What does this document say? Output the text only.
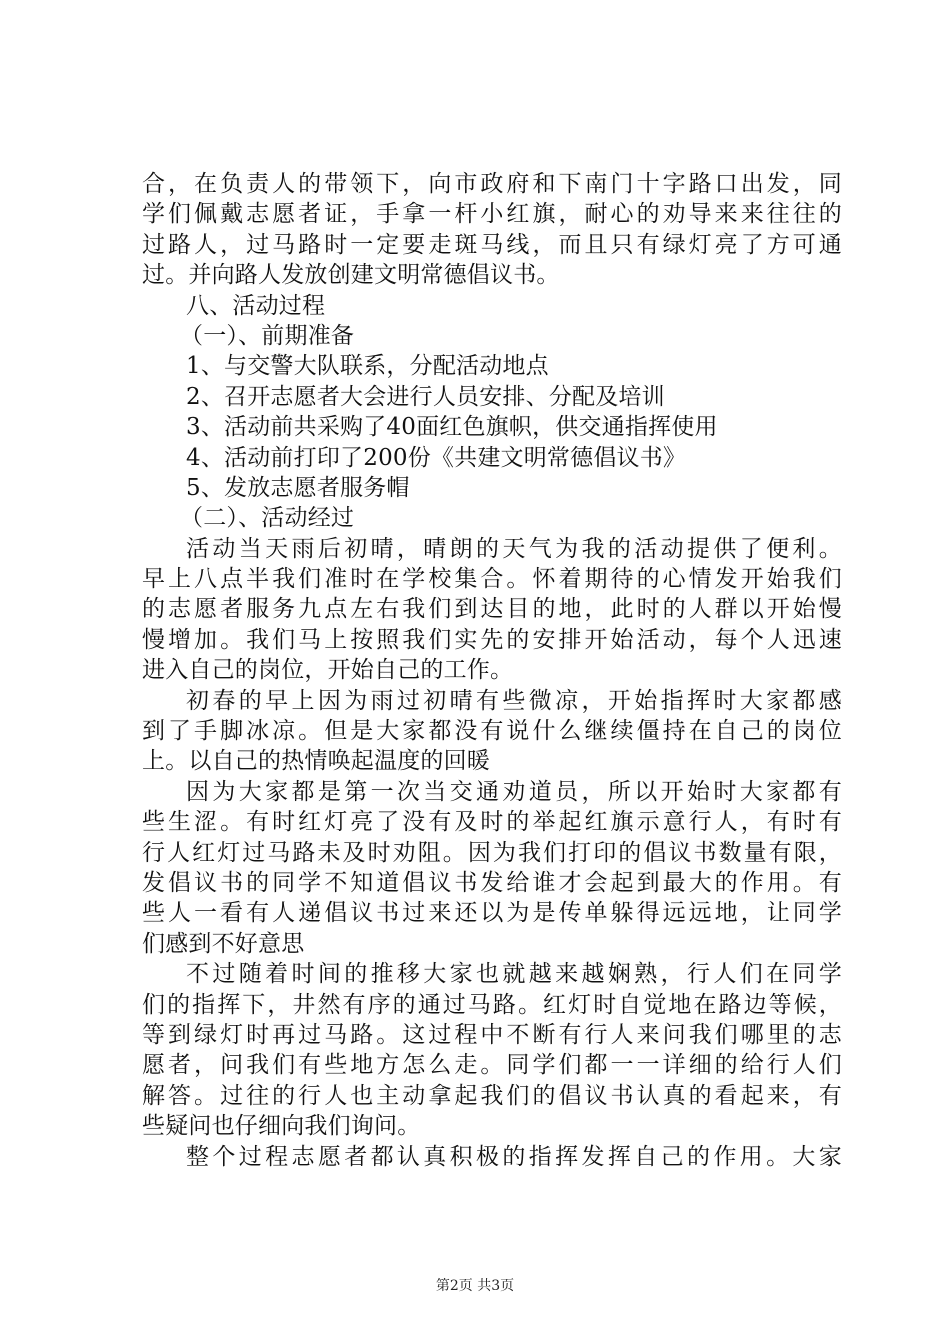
合，在负责人的带领下，向市政府和下南门十字路口出发，同
学们佩戴志愿者证，手拿一杆小红旗，耐心的劝导来来往往的
过路人，过马路时一定要走斑马线，而且只有绿灯亮了方可通
过。并向路人发放创建文明常德倡议书。
八、活动过程
（一）、前期准备
1、与交警大队联系，分配活动地点
2、召开志愿者大会进行人员安排、分配及培训
3、活动前共采购了40面红色旗帜，供交通指挥使用
4、活动前打印了200份《共建文明常德倡议书》
5、发放志愿者服务帽
（二）、活动经过
活动当天雨后初晴，晴朗的天气为我的活动提供了便利。
早上八点半我们准时在学校集合。怀着期待的心情发开始我们
的志愿者服务九点左右我们到达目的地，此时的人群以开始慢
慢增加。我们马上按照我们实先的安排开始活动，每个人迅速
进入自己的岗位，开始自己的工作。
初春的早上因为雨过初晴有些微凉，开始指挥时大家都感
到了手脚冰凉。但是大家都没有说什么继续僵持在自己的岗位
上。以自己的热情唤起温度的回暖
因为大家都是第一次当交通劝道员，所以开始时大家都有
些生涩。有时红灯亮了没有及时的举起红旗示意行人，有时有
行人红灯过马路未及时劝阻。因为我们打印的倡议书数量有限，
发倡议书的同学不知道倡议书发给谁才会起到最大的作用。有
些人一看有人递倡议书过来还以为是传单躲得远远地，让同学
们感到不好意思
不过随着时间的推移大家也就越来越娴熟，行人们在同学
们的指挥下，井然有序的通过马路。红灯时自觉地在路边等候，
等到绿灯时再过马路。这过程中不断有行人来问我们哪里的志
愿者，问我们有些地方怎么走。同学们都一一详细的给行人们
解答。过往的行人也主动拿起我们的倡议书认真的看起来，有
些疑问也仔细向我们询问。
整个过程志愿者都认真积极的指挥发挥自己的作用。大家
第2页 共3页
